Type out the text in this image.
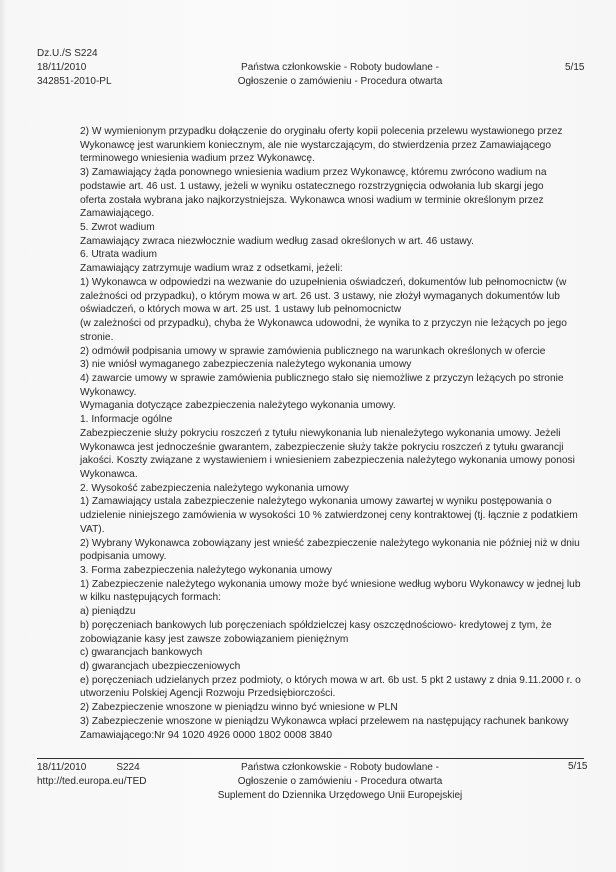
Dz.U./S S224
18/11/2010
342851-2010-PL
Państwa członkowskie - Roboty budowlane -
Ogłoszenie o zamówieniu - Procedura otwarta
5/15
2) W wymienionym przypadku dołączenie do oryginału oferty kopii polecenia przelewu wystawionego przez
Wykonawcę jest warunkiem koniecznym, ale nie wystarczającym, do stwierdzenia przez Zamawiającego
terminowego wniesienia wadium przez Wykonawcę.
3) Zamawiający żąda ponownego wniesienia wadium przez Wykonawcę, któremu zwrócono wadium na
podstawie art. 46 ust. 1 ustawy, jeżeli w wyniku ostatecznego rozstrzygnięcia odwołania lub skargi jego
oferta została wybrana jako najkorzystniejsza. Wykonawca wnosi wadium w terminie określonym przez
Zamawiającego.
5. Zwrot wadium
Zamawiający zwraca niezwłocznie wadium według zasad określonych w art. 46 ustawy.
6. Utrata wadium
Zamawiający zatrzymuje wadium wraz z odsetkami, jeżeli:
1) Wykonawca w odpowiedzi na wezwanie do uzupełnienia oświadczeń, dokumentów lub pełnomocnictw (w
zależności od przypadku), o którym mowa w art. 26 ust. 3 ustawy, nie złożył wymaganych dokumentów lub
oświadczeń, o których mowa w art. 25 ust. 1 ustawy lub pełnomocnictw
(w zależności od przypadku), chyba że Wykonawca udowodni, że wynika to z przyczyn nie leżących po jego
stronie.
2) odmówił podpisania umowy w sprawie zamówienia publicznego na warunkach określonych w ofercie
3) nie wniósł wymaganego zabezpieczenia należytego wykonania umowy
4) zawarcie umowy w sprawie zamówienia publicznego stało się niemożliwe z przyczyn leżących po stronie
Wykonawcy.
Wymagania dotyczące zabezpieczenia należytego wykonania umowy.
1. Informacje ogólne
Zabezpieczenie służy pokryciu roszczeń z tytułu niewykonania lub nienależytego wykonania umowy. Jeżeli
Wykonawca jest jednocześnie gwarantem, zabezpieczenie służy także pokryciu roszczeń z tytułu gwarancji
jakości. Koszty związane z wystawieniem i wniesieniem zabezpieczenia należytego wykonania umowy ponosi
Wykonawca.
2. Wysokość zabezpieczenia należytego wykonania umowy
1) Zamawiający ustala zabezpieczenie należytego wykonania umowy zawartej w wyniku postępowania o
udzielenie niniejszego zamówienia w wysokości 10 % zatwierdzonej ceny kontraktowej (tj. łącznie z podatkiem
VAT).
2) Wybrany Wykonawca zobowiązany jest wnieść zabezpieczenie należytego wykonania nie później niż w dniu
podpisania umowy.
3. Forma zabezpieczenia należytego wykonania umowy
1) Zabezpieczenie należytego wykonania umowy może być wniesione według wyboru Wykonawcy w jednej lub
w kilku następujących formach:
a) pieniądzu
b) poręczeniach bankowych lub poręczeniach spółdzielczej kasy oszczędnościowo- kredytowej z tym, że
zobowiązanie kasy jest zawsze zobowiązaniem pieniężnym
c) gwarancjach bankowych
d) gwarancjach ubezpieczeniowych
e) poręczeniach udzielanych przez podmioty, o których mowa w art. 6b ust. 5 pkt 2 ustawy z dnia 9.11.2000 r. o
utworzeniu Polskiej Agencji Rozwoju Przedsiębiorczości.
2) Zabezpieczenie wnoszone w pieniądzu winno być wniesione w PLN
3) Zabezpieczenie wnoszone w pieniądzu Wykonawca wpłaci przelewem na następujący rachunek bankowy
Zamawiającego:Nr 94 1020 4926 0000 1802 0008 3840
18/11/2010	S224
http://ted.europa.eu/TED
Państwa członkowskie - Roboty budowlane -
Ogłoszenie o zamówieniu - Procedura otwarta
Suplement do Dziennika Urzędowego Unii Europejskiej
5/15
